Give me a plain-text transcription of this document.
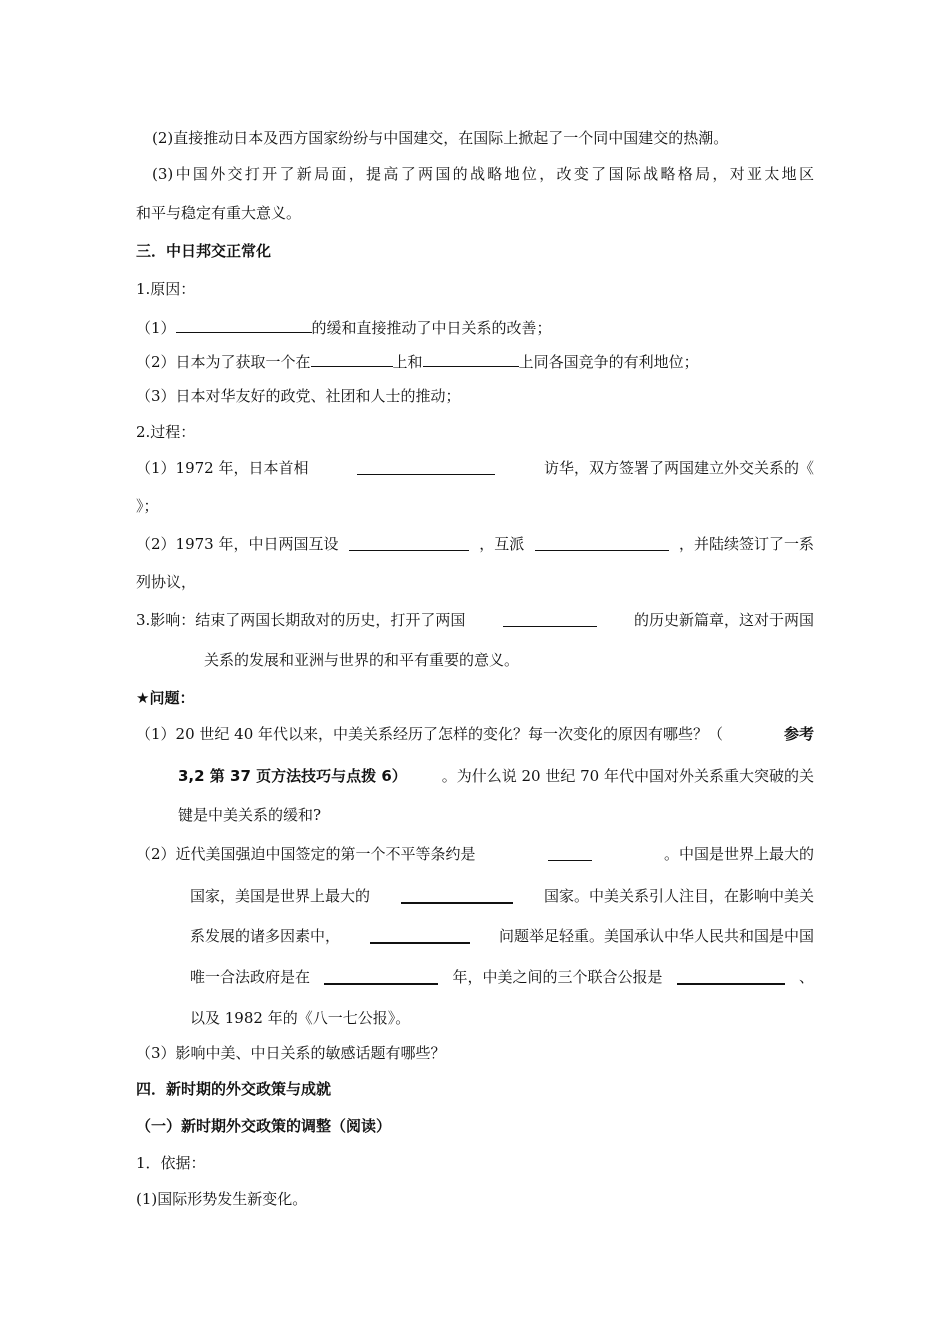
(2)直接推动日本及西方国家纷纷与中国建交，在国际上掀起了一个同中国建交的热潮。
(3)中国外交打开了新局面，提高了两国的战略地位，改变了国际战略格局，对亚太地区
和平与稳定有重大意义。
三．中日邦交正常化
1.原因：
（1）	的缓和直接推动了中日关系的改善；
（2）日本为了获取一个在	上和	上同各国竞争的有利地位；
（3）日本对华友好的政党、社团和人士的推动；
2.过程：
（1）1972 年，日本首相	访华，双方签署了两国建立外交关系的《
》；
（2）1973 年，中日两国互设	，互派	，并陆续签订了一系
列协议，
3.影响：结束了两国长期敌对的历史，打开了两国	的历史新篇章，这对于两国
关系的发展和亚洲与世界的和平有重要的意义。
★问题：
（1）20 世纪 40 年代以来，中美关系经历了怎样的变化？每一次变化的原因有哪些？（	参考
3,2 第 37 页方法技巧与点拨 6） 。为什么说 20 世纪 70 年代中国对外关系重大突破的关
键是中美关系的缓和?
（2）近代美国强迫中国签定的第一个不平等条约是	。中国是世界上最大的
国家，美国是世界上最大的	国家。中美关系引人注目，在影响中美关
系发展的诸多因素中，	问题举足轻重。美国承认中华人民共和国是中国
唯一合法政府是在	年，中美之间的三个联合公报是	、
以及 1982 年的《八一七公报》。
（3）影响中美、中日关系的敏感话题有哪些？
四．新时期的外交政策与成就
（一）新时期外交政策的调整（阅读）
1．依据：
(1)国际形势发生新变化。
